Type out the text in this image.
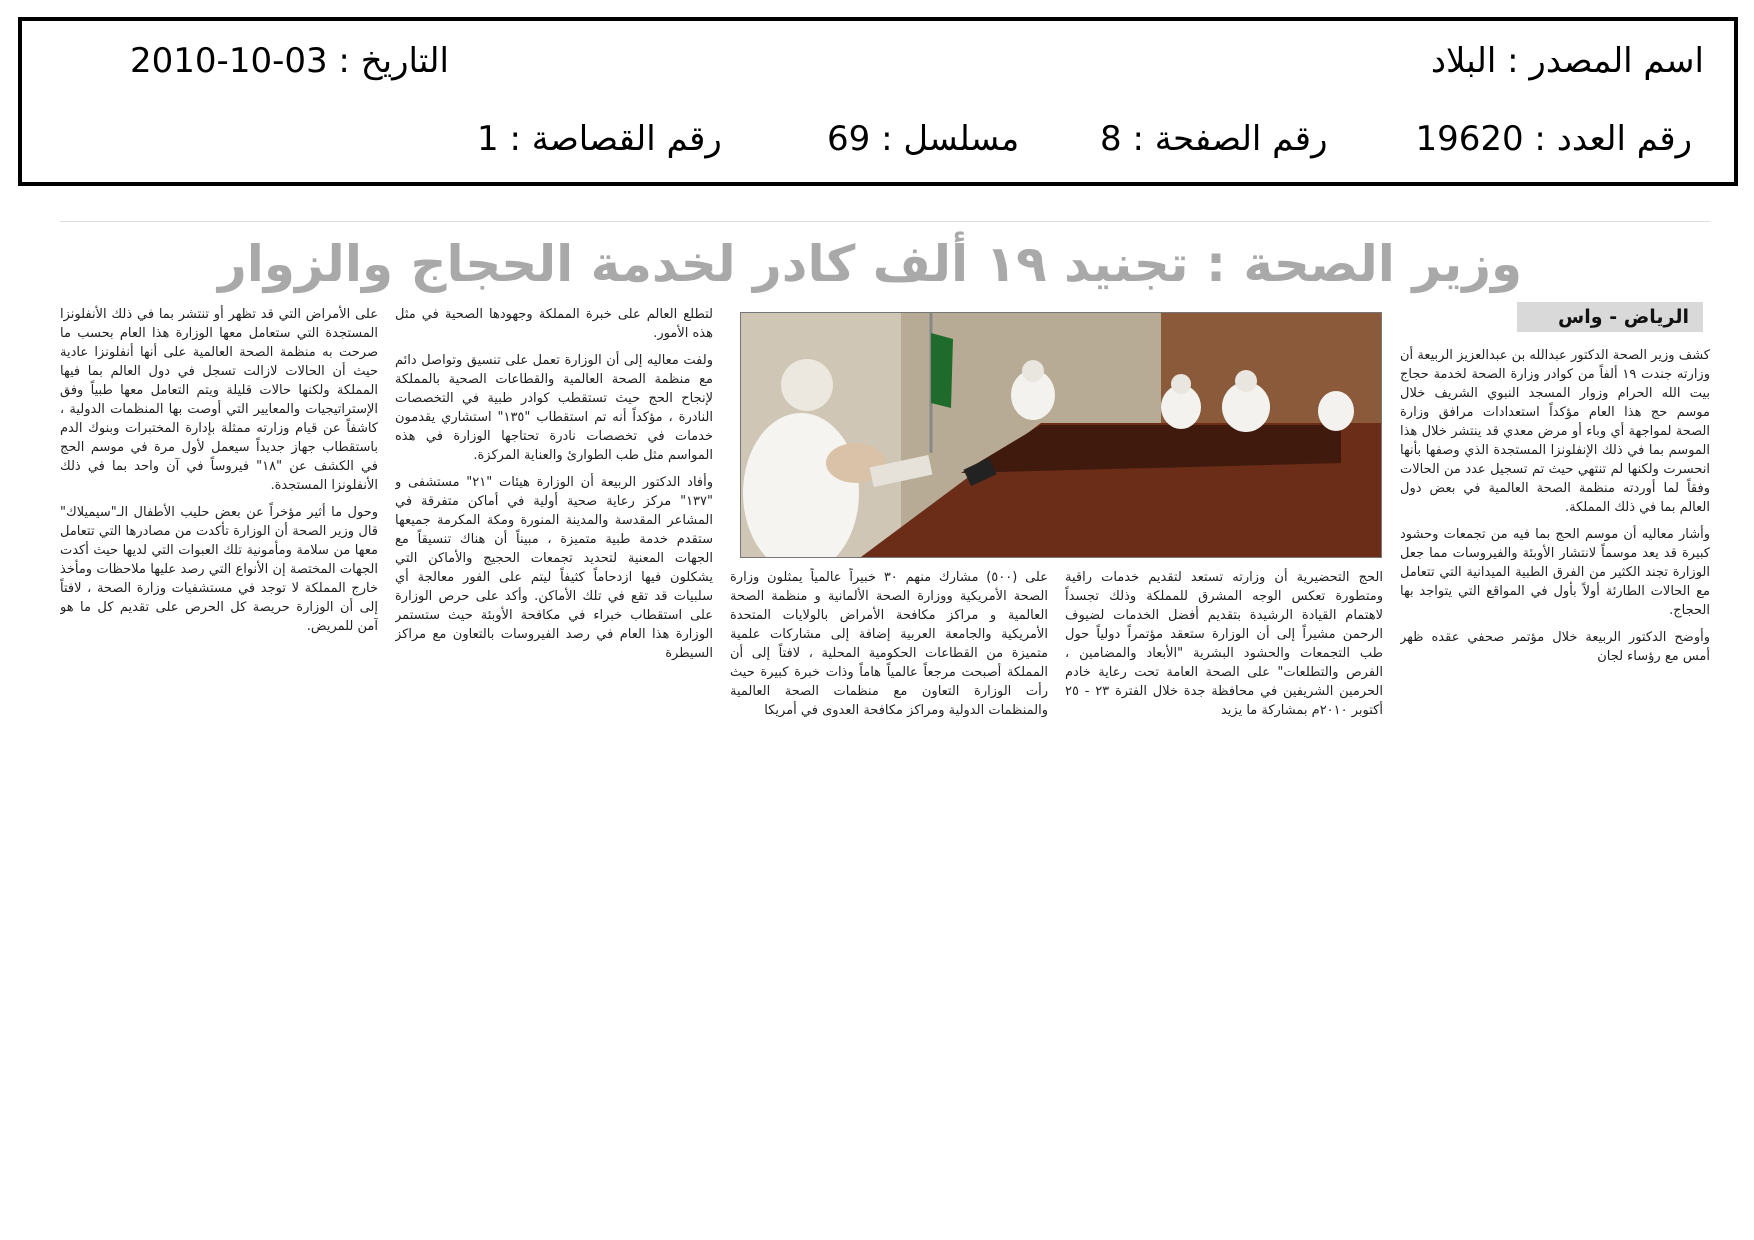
اسم المصدر : البلاد
التاريخ : 03-10-2010
رقم العدد : 19620
رقم الصفحة : 8
مسلسل : 69
رقم القصاصة : 1
وزير الصحة : تجنيد ١٩ ألف كادر لخدمة الحجاج والزوار
الرياض - واس

كشف وزير الصحة الدكتور عبدالله بن عبدالعزيز الربيعة أن وزارته جندت ١٩ ألفاً من كوادر وزارة الصحة لخدمة حجاج بيت الله الحرام وزوار المسجد النبوي الشريف خلال موسم حج هذا العام مؤكداً استعدادات مرافق وزارة الصحة لمواجهة أي وباء أو مرض معدي قد ينتشر خلال هذا الموسم بما في ذلك الإنفلونزا المستجدة الذي وصفها بأنها انحسرت ولكنها لم تنتهي حيث تم تسجيل عدد من الحالات وفقاً لما أوردته منظمة الصحة العالمية في بعض دول العالم بما في ذلك المملكة.

وأشار معاليه أن موسم الحج بما فيه من تجمعات وحشود كبيرة قد يعد موسماً لانتشار الأوبئة والفيروسات مما جعل الوزارة تجند الكثير من الفرق الطبية الميدانية التي تتعامل مع الحالات الطارئة أولاً بأول في المواقع التي يتواجد بها الحجاج.

وأوضح الدكتور الربيعة خلال مؤتمر صحفي عقده ظهر أمس مع رؤساء لجان

الحج التحضيرية أن وزارته تستعد لتقديم خدمات راقية ومتطورة تعكس الوجه المشرق للمملكة وذلك تجسداً لاهتمام القيادة الرشيدة بتقديم أفضل الخدمات لضيوف الرحمن مشيراً إلى أن الوزارة ستعقد مؤتمراً دولياً حول طب التجمعات والحشود البشرية "الأبعاد والمضامين ، الفرص والتطلعات" على الصحة العامة تحت رعاية خادم الحرمين الشريفين في محافظة جدة خلال الفترة ٢٣ - ٢٥ أكتوبر ٢٠١٠م بمشاركة ما يزيد
على (٥٠٠) مشارك منهم ٣٠ خبيراً عالمياً يمثلون وزارة الصحة الأمريكية ووزارة الصحة الألمانية و منظمة الصحة العالمية و مراكز مكافحة الأمراض بالولايات المتحدة الأمريكية والجامعة العربية إضافة إلى مشاركات علمية متميزة من القطاعات الحكومية المحلية ، لافتاً إلى أن المملكة أصبحت مرجعاً عالمياً هاماً وذات خبرة كبيرة حيث رأت الوزارة التعاون مع منظمات الصحة العالمية والمنظمات الدولية ومراكز مكافحة العدوى في أمريكا

لتطلع العالم على خبرة المملكة وجهودها الصحية في مثل هذه الأمور.

ولفت معاليه إلى أن الوزارة تعمل على تنسيق وتواصل دائم مع منظمة الصحة العالمية والقطاعات الصحية بالمملكة لإنجاح الحج حيث تستقطب كوادر طبية في التخصصات النادرة ، مؤكداً أنه تم استقطاب "١٣٥" استشاري يقدمون خدمات في تخصصات نادرة تحتاجها الوزارة في هذه المواسم مثل طب الطوارئ والعناية المركزة.

وأفاد الدكتور الربيعة أن الوزارة هيئات "٢١" مستشفى و "١٣٧" مركز رعاية صحية أولية في أماكن متفرقة في المشاعر المقدسة والمدينة المنورة ومكة المكرمة جميعها ستقدم خدمة طبية متميزة ، مبيناً أن هناك تنسيقاً مع الجهات المعنية لتحديد تجمعات الحجيج والأماكن التي يشكلون فيها ازدحاماً كثيفاً ليتم على الفور معالجة أي سلبيات قد تقع في تلك الأماكن. وأكد على حرص الوزارة على استقطاب خبراء في مكافحة الأوبئة حيث ستستمر الوزارة هذا العام في رصد الفيروسات بالتعاون مع مراكز السيطرة

على الأمراض التي قد تظهر أو تنتشر بما في ذلك الأنفلونزا المستجدة التي ستعامل معها الوزارة هذا العام بحسب ما صرحت به منظمة الصحة العالمية على أنها أنفلونزا عادية حيث أن الحالات لازالت تسجل في دول العالم بما فيها المملكة ولكنها حالات قليلة ويتم التعامل معها طبياً وفق الإستراتيجيات والمعايير التي أوصت بها المنظمات الدولية ، كاشفاً عن قيام وزارته ممثلة بإدارة المختبرات وبنوك الدم باستقطاب جهاز جديداً سيعمل لأول مرة في موسم الحج في الكشف عن "١٨" فيروساً في آن واحد بما في ذلك الأنفلونزا المستجدة.

وحول ما أثير مؤخراً عن بعض حليب الأطفال الـ"سيميلاك" قال وزير الصحة أن الوزارة تأكدت من مصادرها التي تتعامل معها من سلامة ومأمونية تلك العبوات التي لديها حيث أكدت الجهات المختصة إن الأنواع التي رصد عليها ملاحظات ومأخذ خارج المملكة لا توجد في مستشفيات وزارة الصحة ، لافتاً إلى أن الوزارة حريصة كل الحرص على تقديم كل ما هو آمن للمريض.
